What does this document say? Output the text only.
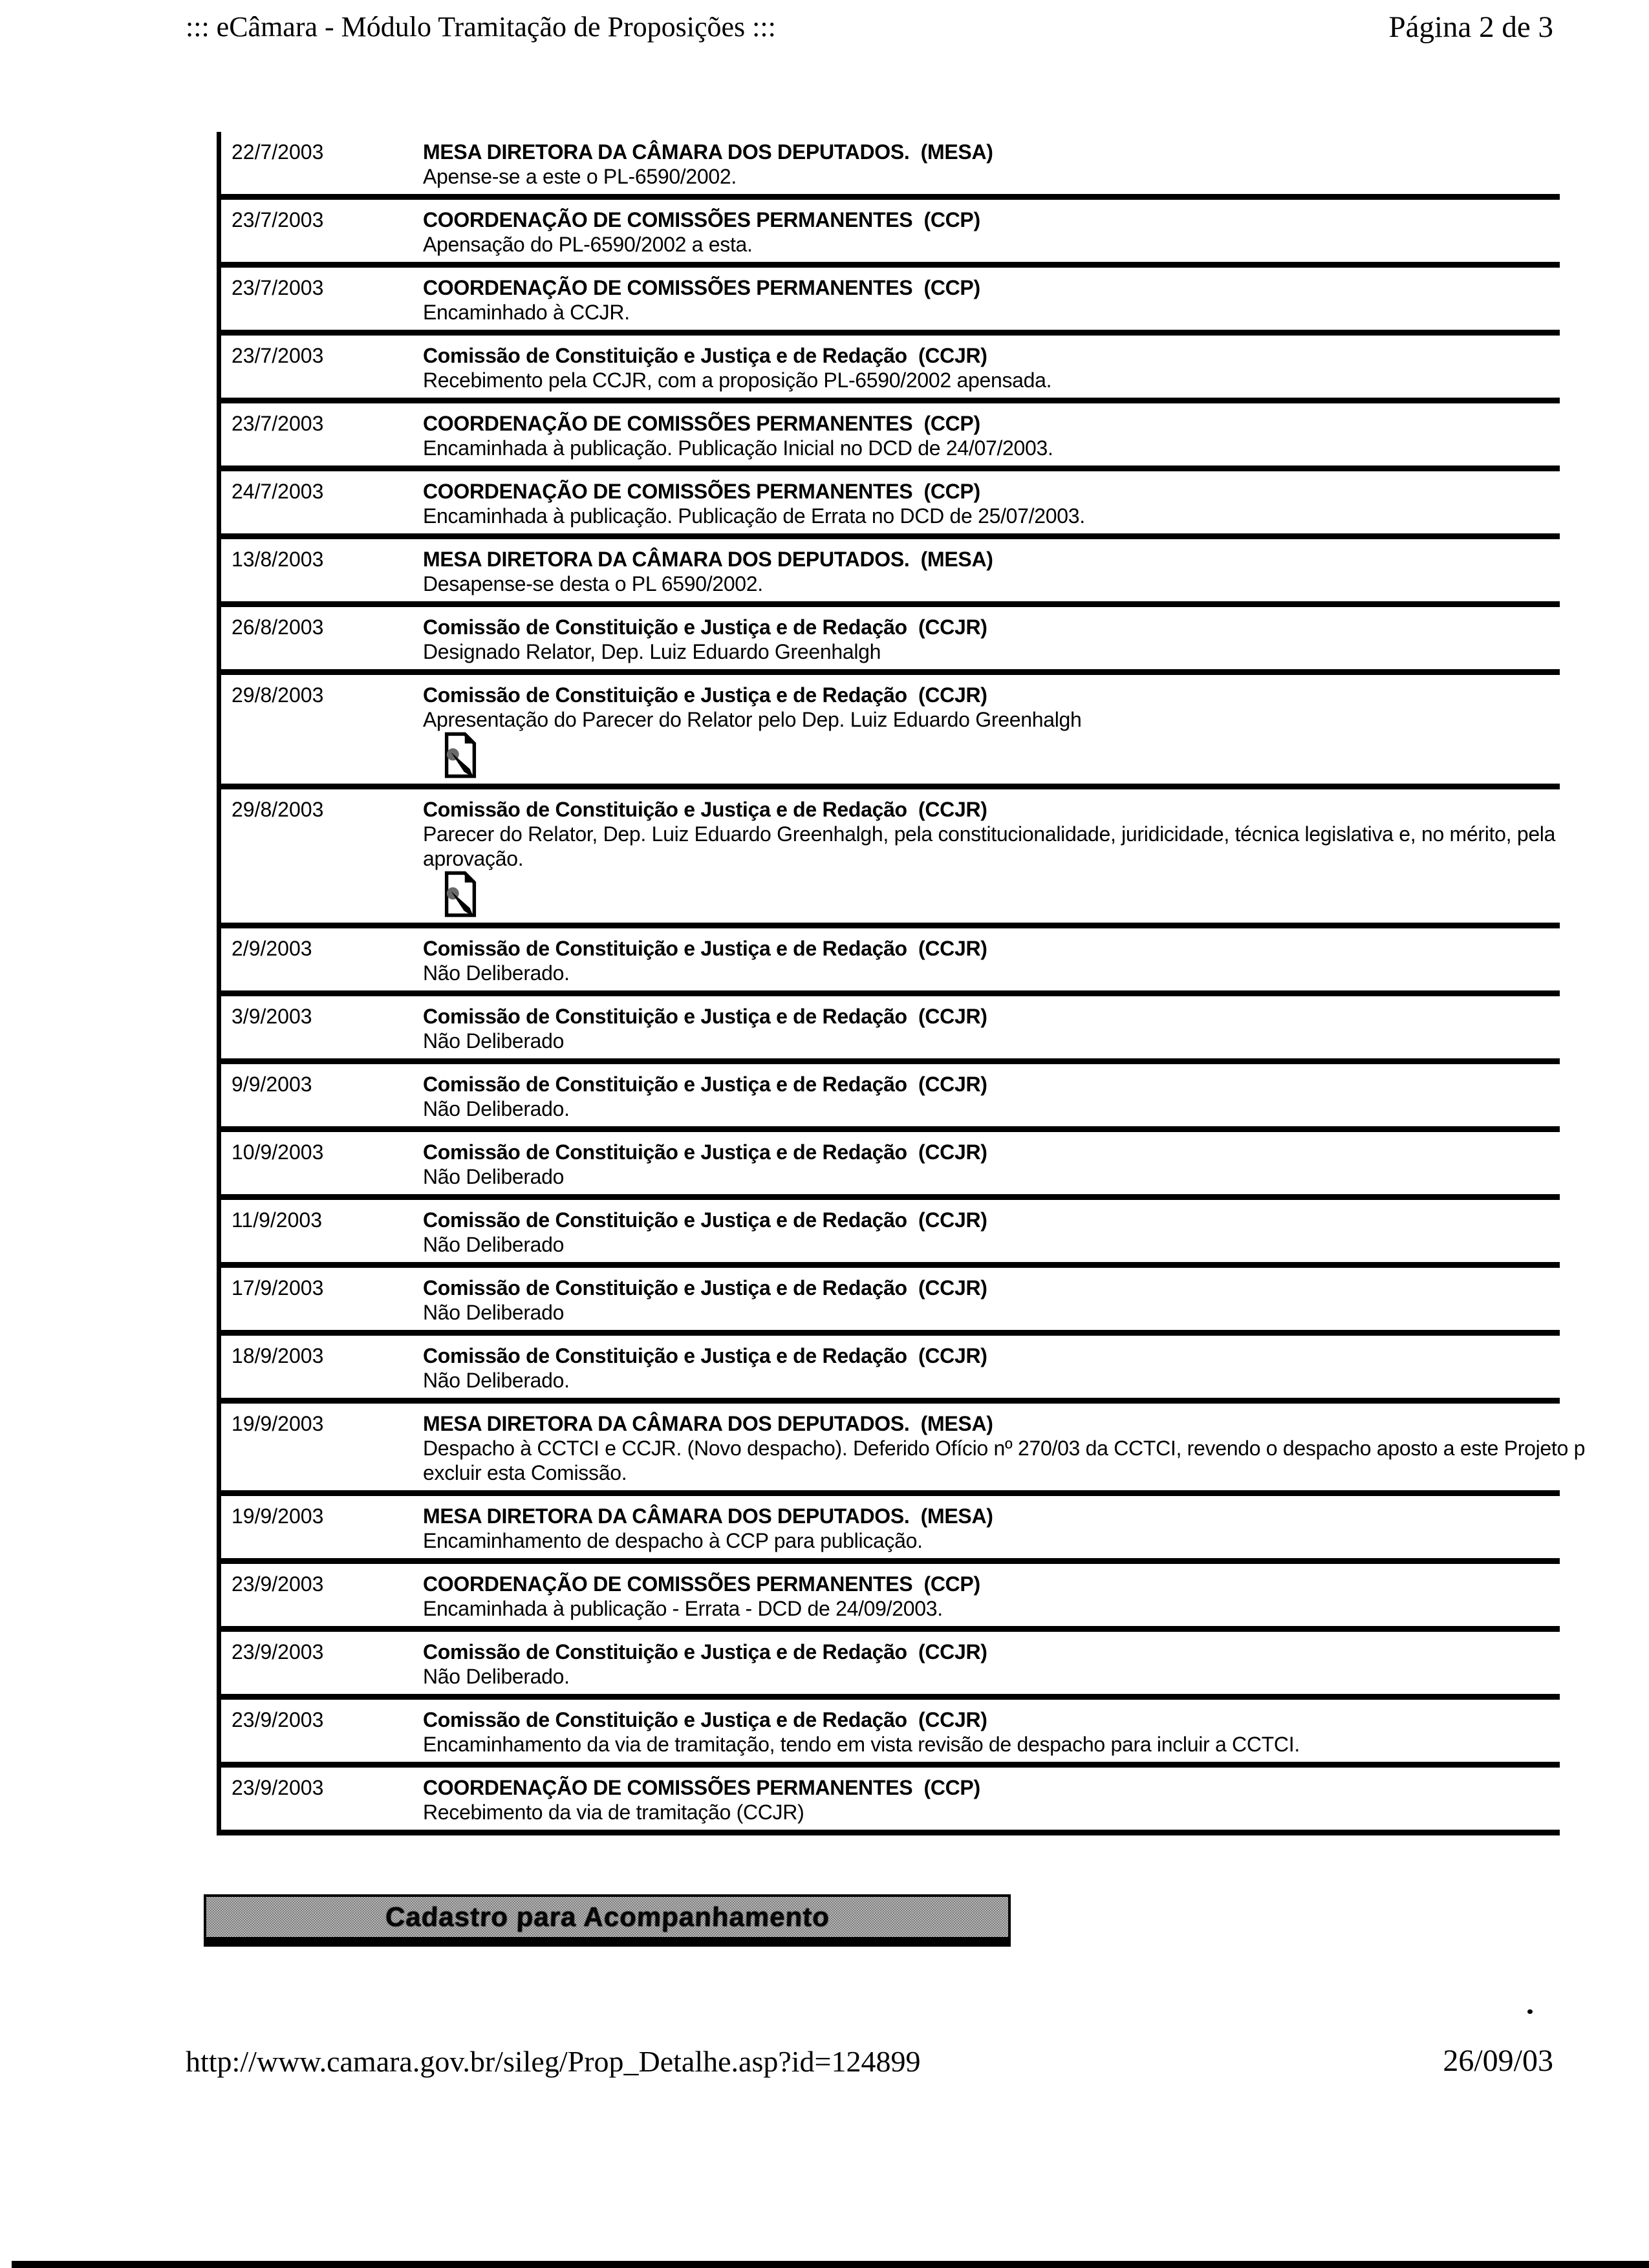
::: eCâmara - Módulo Tramitação de Proposições :::	Página 2 de 3
22/7/2003	MESA DIRETORA DA CÂMARA DOS DEPUTADOS.  (MESA)
Apense-se a este o PL-6590/2002.
23/7/2003	COORDENAÇÃO DE COMISSÕES PERMANENTES  (CCP)
Apensação do PL-6590/2002 a esta.
23/7/2003	COORDENAÇÃO DE COMISSÕES PERMANENTES  (CCP)
Encaminhado à CCJR.
23/7/2003	Comissão de Constituição e Justiça e de Redação  (CCJR)
Recebimento pela CCJR, com a proposição PL-6590/2002 apensada.
23/7/2003	COORDENAÇÃO DE COMISSÕES PERMANENTES  (CCP)
Encaminhada à publicação. Publicação Inicial no DCD de 24/07/2003.
24/7/2003	COORDENAÇÃO DE COMISSÕES PERMANENTES  (CCP)
Encaminhada à publicação. Publicação de Errata no DCD de 25/07/2003.
13/8/2003	MESA DIRETORA DA CÂMARA DOS DEPUTADOS.  (MESA)
Desapense-se desta o PL 6590/2002.
26/8/2003	Comissão de Constituição e Justiça e de Redação  (CCJR)
Designado Relator, Dep. Luiz Eduardo Greenhalgh
29/8/2003	Comissão de Constituição e Justiça e de Redação  (CCJR)
Apresentação do Parecer do Relator pelo Dep. Luiz Eduardo Greenhalgh

29/8/2003	Comissão de Constituição e Justiça e de Redação  (CCJR)
Parecer do Relator, Dep. Luiz Eduardo Greenhalgh, pela constitucionalidade, juridicidade, técnica legislativa e, no mérito, pela
aprovação.

2/9/2003	Comissão de Constituição e Justiça e de Redação  (CCJR)
Não Deliberado.
3/9/2003	Comissão de Constituição e Justiça e de Redação  (CCJR)
Não Deliberado
9/9/2003	Comissão de Constituição e Justiça e de Redação  (CCJR)
Não Deliberado.
10/9/2003	Comissão de Constituição e Justiça e de Redação  (CCJR)
Não Deliberado
11/9/2003	Comissão de Constituição e Justiça e de Redação  (CCJR)
Não Deliberado
17/9/2003	Comissão de Constituição e Justiça e de Redação  (CCJR)
Não Deliberado
18/9/2003	Comissão de Constituição e Justiça e de Redação  (CCJR)
Não Deliberado.
19/9/2003	MESA DIRETORA DA CÂMARA DOS DEPUTADOS.  (MESA)
Despacho à CCTCI e CCJR. (Novo despacho). Deferido Ofício nº 270/03 da CCTCI, revendo o despacho aposto a este Projeto p
excluir esta Comissão.
19/9/2003	MESA DIRETORA DA CÂMARA DOS DEPUTADOS.  (MESA)
Encaminhamento de despacho à CCP para publicação.
23/9/2003	COORDENAÇÃO DE COMISSÕES PERMANENTES  (CCP)
Encaminhada à publicação - Errata - DCD de 24/09/2003.
23/9/2003	Comissão de Constituição e Justiça e de Redação  (CCJR)
Não Deliberado.
23/9/2003	Comissão de Constituição e Justiça e de Redação  (CCJR)
Encaminhamento da via de tramitação, tendo em vista revisão de despacho para incluir a CCTCI.
23/9/2003	COORDENAÇÃO DE COMISSÕES PERMANENTES  (CCP)
Recebimento da via de tramitação (CCJR)
Cadastro para Acompanhamento
http://www.camara.gov.br/sileg/Prop_Detalhe.asp?id=124899	26/09/03
